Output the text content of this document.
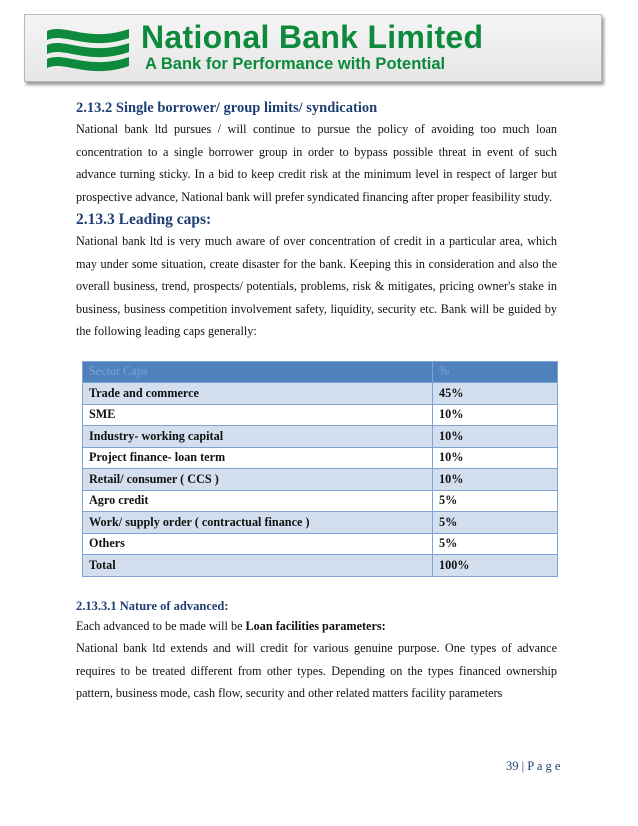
National Bank Limited
A Bank for Performance with Potential
2.13.2 Single borrower/ group limits/ syndication

National bank ltd pursues / will continue to pursue the policy of avoiding too much loan concentration to a single borrower group in order to bypass possible threat in event of such advance turning sticky. In a bid to keep credit risk at the minimum level in respect of larger but prospective advance, National bank will prefer syndicated financing after proper feasibility study.

2.13.3 Leading caps:

National bank ltd is very much aware of over concentration of credit in a particular area, which may under some situation, create disaster for the bank. Keeping this in consideration and also the overall business, trend, prospects/ potentials, problems, risk & mitigates, pricing owner's stake in business, business competition involvement safety, liquidity, security etc. Bank will be guided by the following leading caps generally:

Sector Caps	%
Trade and commerce	45%
SME	10%
Industry- working capital	10%
Project finance- loan term	10%
Retail/ consumer ( CCS )	10%
Agro credit	5%
Work/ supply order ( contractual finance )	5%
Others	5%
Total	100%
2.13.3.1 Nature of advanced:

Each advanced to be made will be Loan facilities parameters:

National bank ltd extends and will credit for various genuine purpose. One types of advance requires to be treated different from other types. Depending on the types financed ownership pattern, business mode, cash flow, security and other related matters facility parameters

39 | P a g e
